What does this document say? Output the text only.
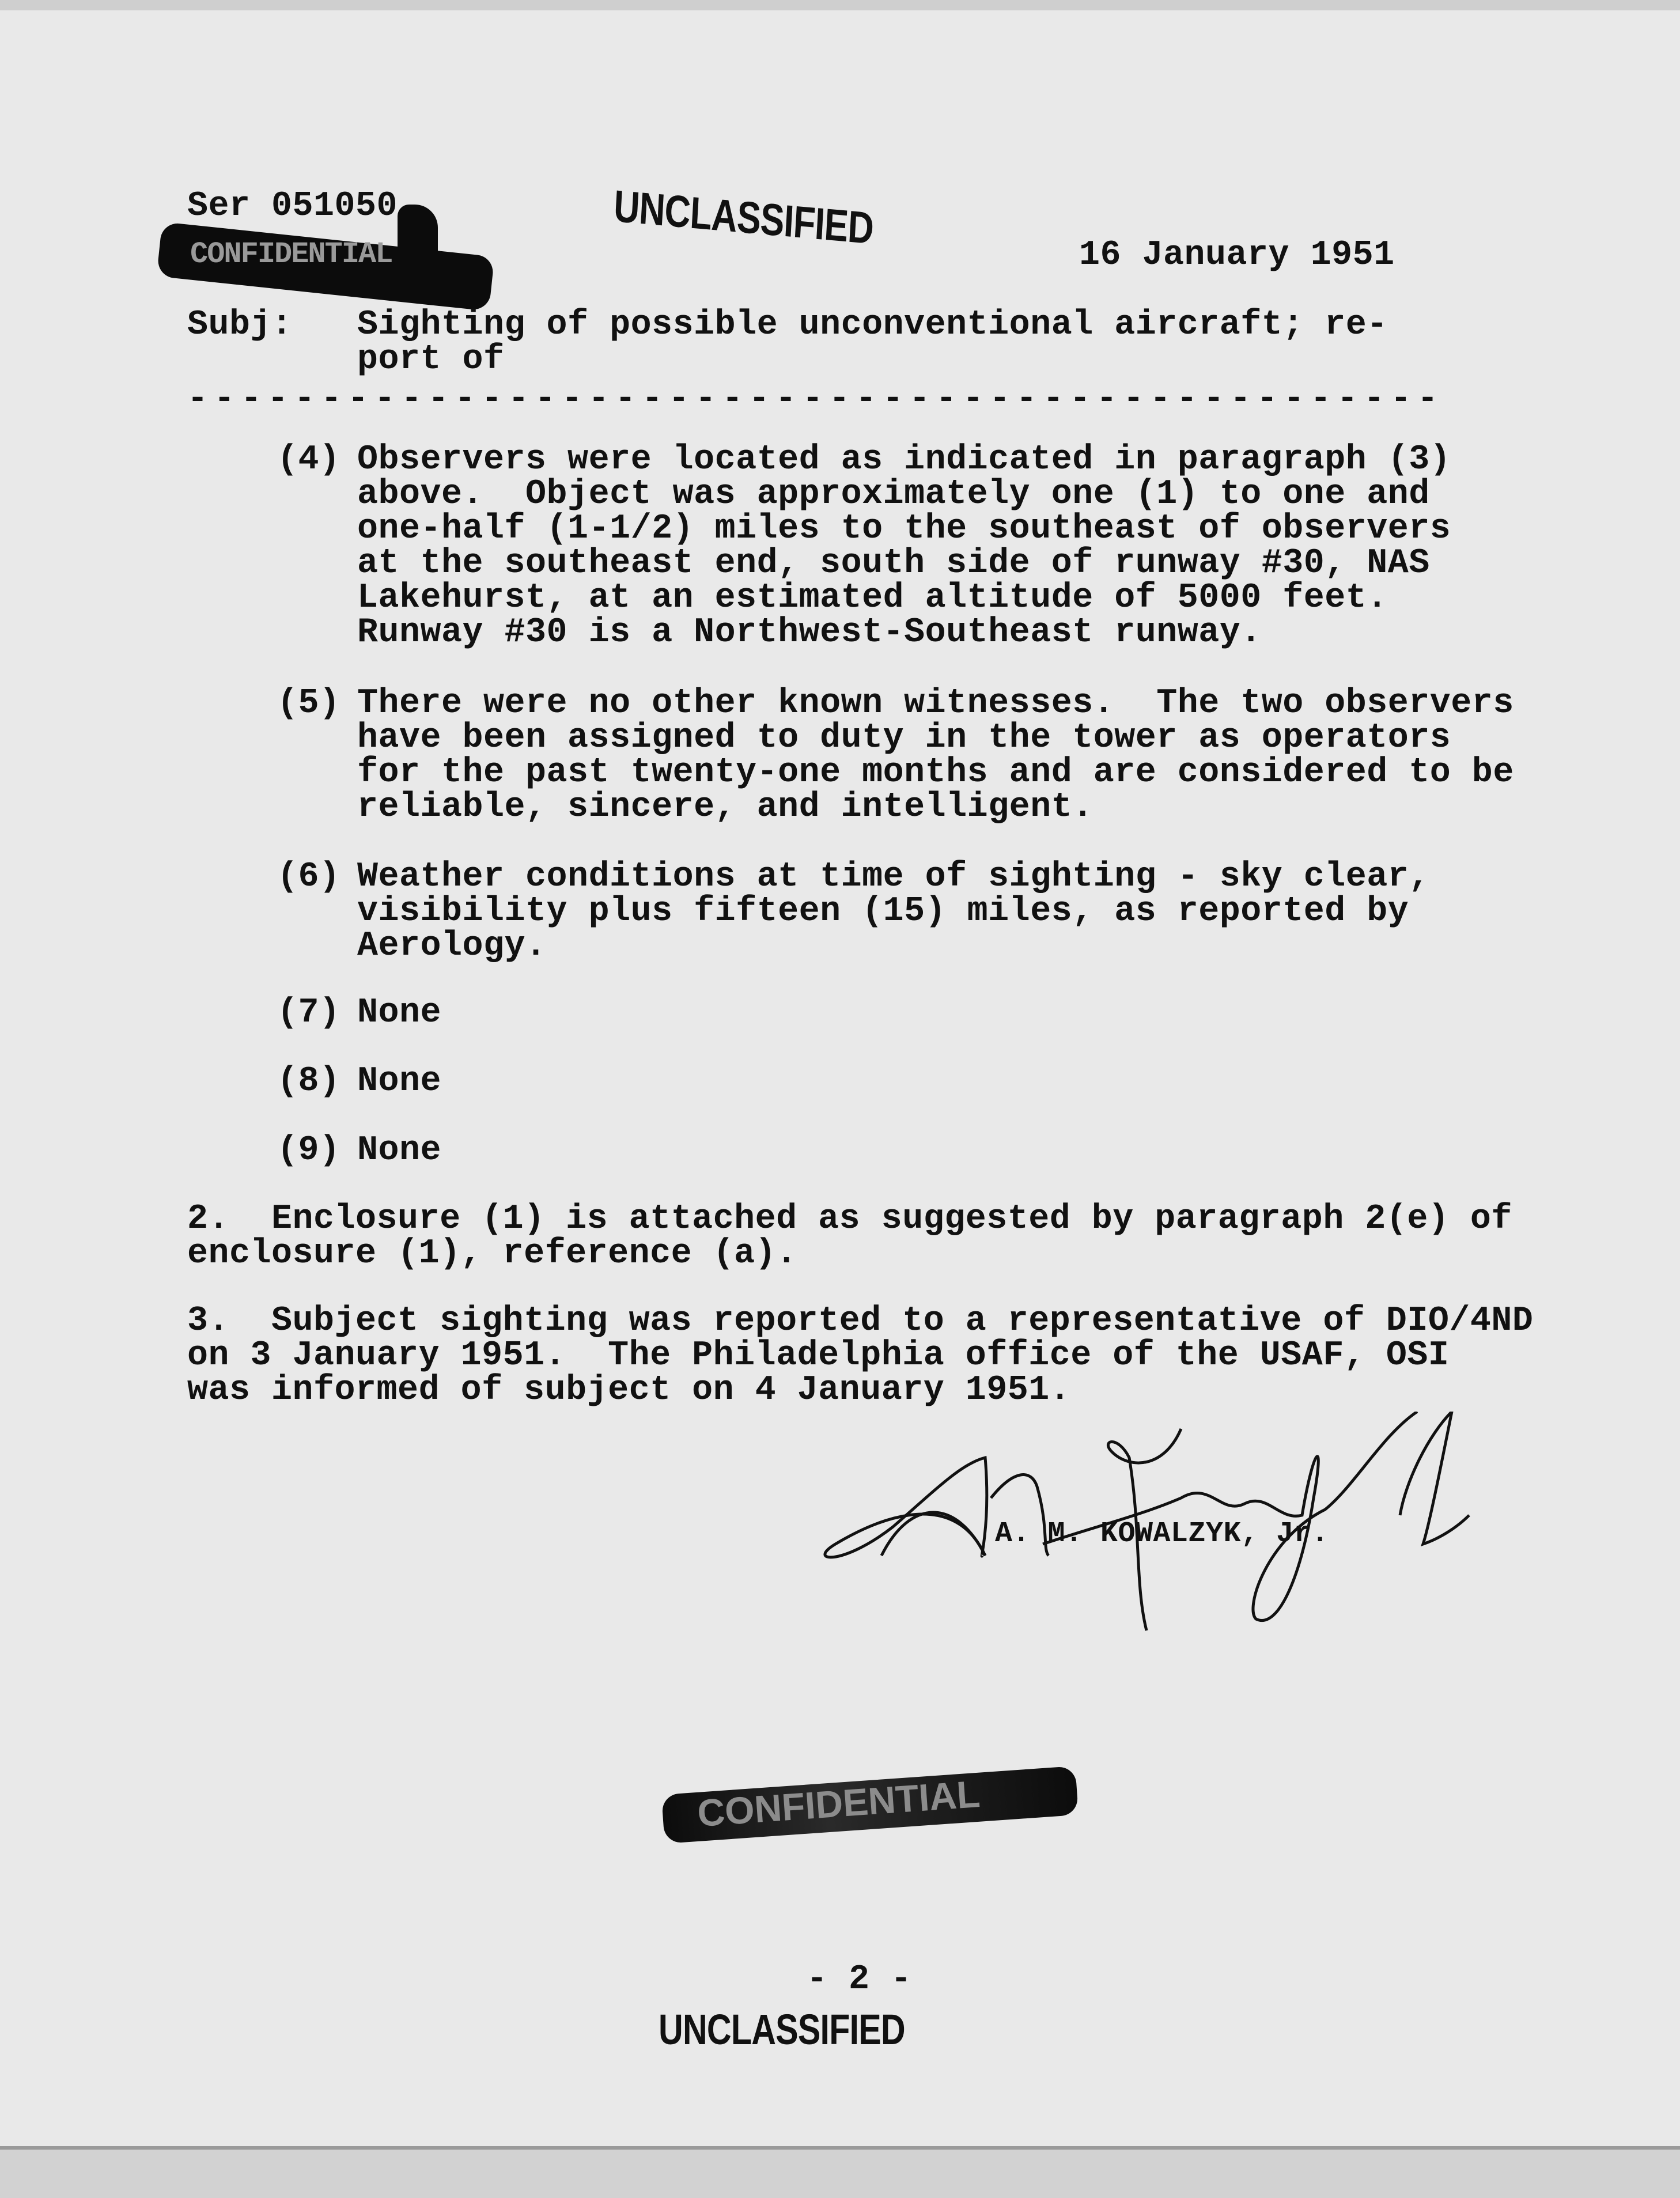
UNCLASSIFIED
Ser 051050
CONFIDENTIAL	16 January 1951
Subj: Sighting of possible unconventional aircraft; re-
port of
- - - - - - - - - - - - - - - - - - - - - - - - - - - - - - - - - - - - - - - - - - - - - - -
(4) Observers were located as indicated in paragraph (3)
above.  Object was approximately one (1) to one and
one-half (1-1/2) miles to the southeast of observers
at the southeast end, south side of runway #30, NAS
Lakehurst, at an estimated altitude of 5000 feet.
Runway #30 is a Northwest-Southeast runway.
(5) There were no other known witnesses.  The two observers
have been assigned to duty in the tower as operators
for the past twenty-one months and are considered to be
reliable, sincere, and intelligent.
(6) Weather conditions at time of sighting - sky clear,
visibility plus fifteen (15) miles, as reported by
Aerology.
(7) None
(8) None
(9) None
2.  Enclosure (1) is attached as suggested by paragraph 2(e) of
enclosure (1), reference (a).
3.  Subject sighting was reported to a representative of DIO/4ND
on 3 January 1951.  The Philadelphia office of the USAF, OSI
was informed of subject on 4 January 1951.
A. M. KOWALZYK, Jr.
CONFIDENTIAL
- 2 -
UNCLASSIFIED
